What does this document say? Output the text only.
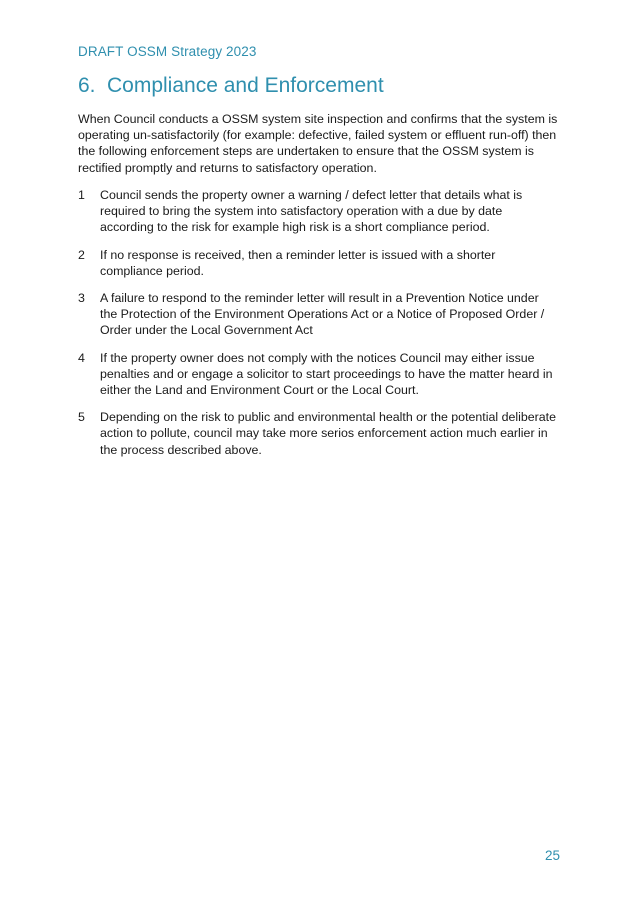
DRAFT OSSM Strategy 2023
6. Compliance and Enforcement

When Council conducts a OSSM system site inspection and confirms that the system is operating un-satisfactorily (for example: defective, failed system or effluent run-off) then the following enforcement steps are undertaken to ensure that the OSSM system is rectified promptly and returns to satisfactory operation.

1	Council sends the property owner a warning / defect letter that details what is required to bring the system into satisfactory operation with a due by date according to the risk for example high risk is a short compliance period.
2	If no response is received, then a reminder letter is issued with a shorter compliance period.
3	A failure to respond to the reminder letter will result in a Prevention Notice under the Protection of the Environment Operations Act or a Notice of Proposed Order / Order under the Local Government Act
4	If the property owner does not comply with the notices Council may either issue penalties and or engage a solicitor to start proceedings to have the matter heard in either the Land and Environment Court or the Local Court.
5	Depending on the risk to public and environmental health or the potential deliberate action to pollute, council may take more serios enforcement action much earlier in the process described above.
25
